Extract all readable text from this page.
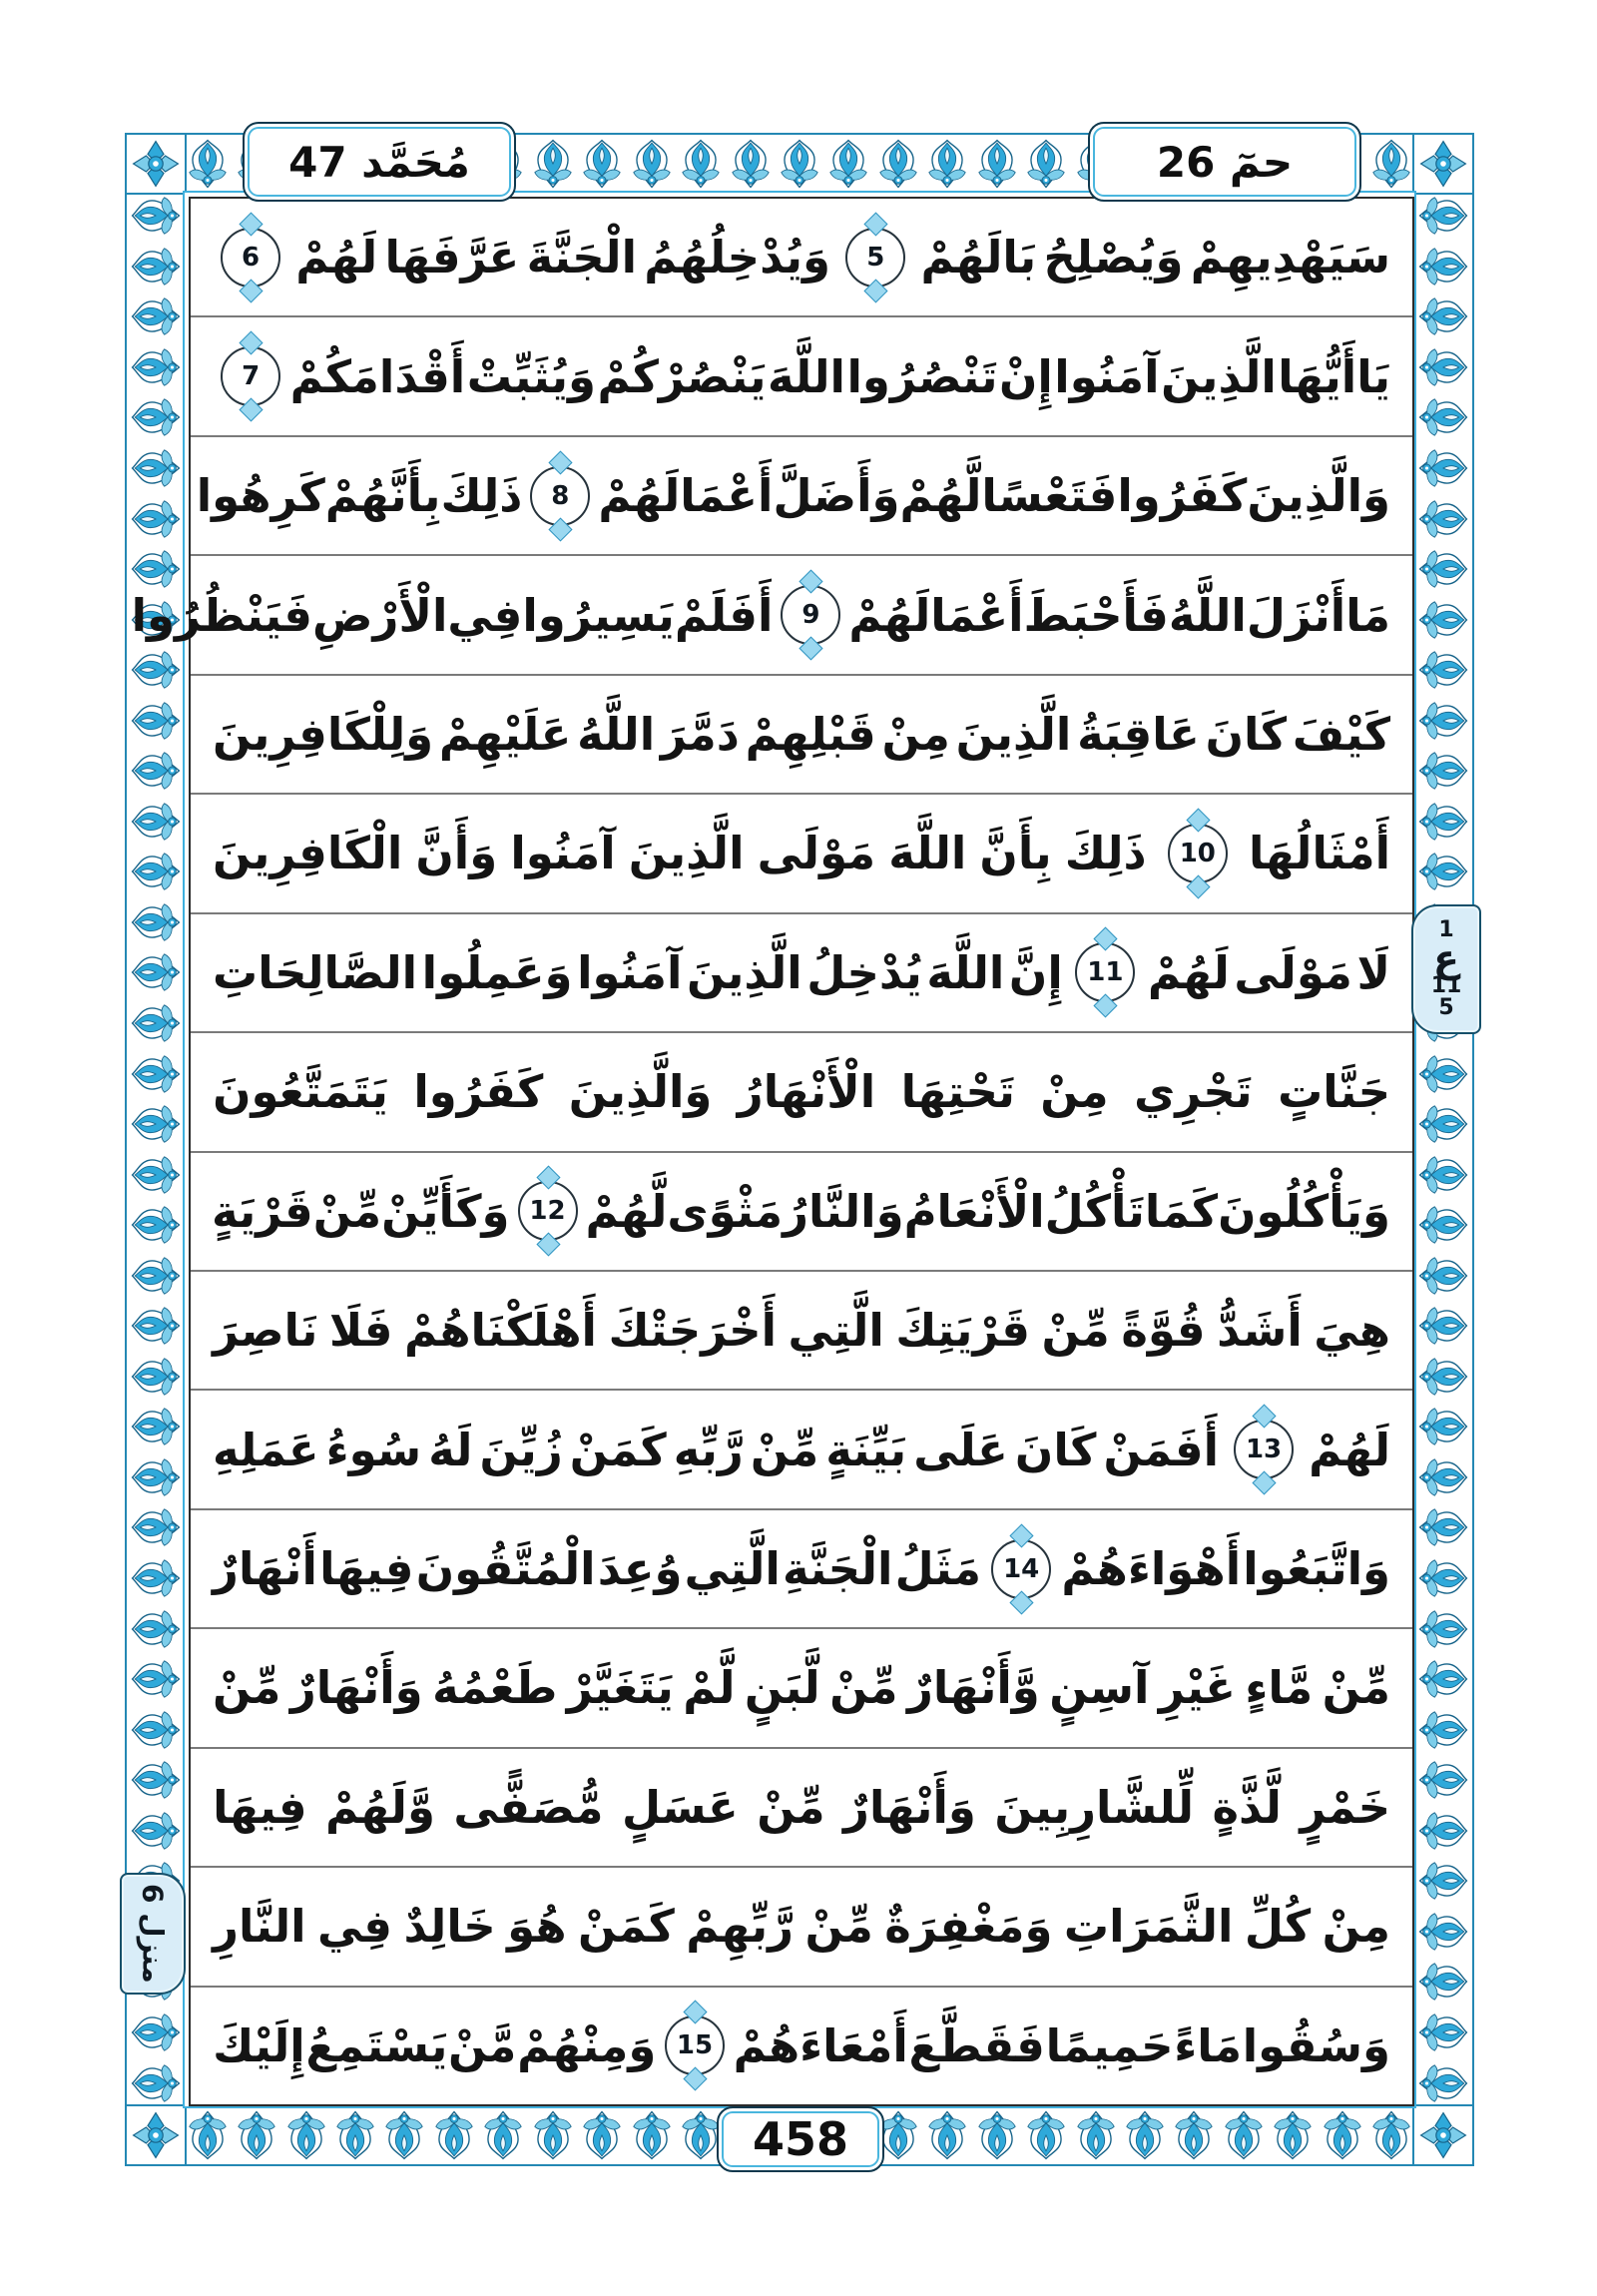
سَيَهْدِيهِمْ
وَيُصْلِحُ
بَالَهُمْ
5
وَيُدْخِلُهُمُ
الْجَنَّةَ
عَرَّفَهَا
لَهُمْ
6
يَاأَيُّهَا
الَّذِينَ
آمَنُوا
إِنْ
تَنْصُرُوا
اللَّهَ
يَنْصُرْكُمْ
وَيُثَبِّتْ
أَقْدَامَكُمْ
7
وَالَّذِينَ
كَفَرُوا
فَتَعْسًا
لَّهُمْ
وَأَضَلَّ
أَعْمَالَهُمْ
8
ذَلِكَ
بِأَنَّهُمْ
كَرِهُوا
مَا
أَنْزَلَ
اللَّهُ
فَأَحْبَطَ
أَعْمَالَهُمْ
9
أَفَلَمْ
يَسِيرُوا
فِي
الْأَرْضِ
فَيَنْظُرُوا
كَيْفَ
كَانَ
عَاقِبَةُ
الَّذِينَ
مِنْ
قَبْلِهِمْ
دَمَّرَ
اللَّهُ
عَلَيْهِمْ
وَلِلْكَافِرِينَ
أَمْثَالُهَا
10
ذَلِكَ
بِأَنَّ
اللَّهَ
مَوْلَى
الَّذِينَ
آمَنُوا
وَأَنَّ
الْكَافِرِينَ
لَا
مَوْلَى
لَهُمْ
11
إِنَّ
اللَّهَ
يُدْخِلُ
الَّذِينَ
آمَنُوا
وَعَمِلُوا
الصَّالِحَاتِ
جَنَّاتٍ
تَجْرِي
مِنْ
تَحْتِهَا
الْأَنْهَارُ
وَالَّذِينَ
كَفَرُوا
يَتَمَتَّعُونَ
وَيَأْكُلُونَ
كَمَا
تَأْكُلُ
الْأَنْعَامُ
وَالنَّارُ
مَثْوًى
لَّهُمْ
12
وَكَأَيِّنْ
مِّنْ
قَرْيَةٍ
هِيَ
أَشَدُّ
قُوَّةً
مِّنْ
قَرْيَتِكَ
الَّتِي
أَخْرَجَتْكَ
أَهْلَكْنَاهُمْ
فَلَا
نَاصِرَ
لَهُمْ
13
أَفَمَنْ
كَانَ
عَلَى
بَيِّنَةٍ
مِّنْ
رَّبِّهِ
كَمَنْ
زُيِّنَ
لَهُ
سُوءُ
عَمَلِهِ
وَاتَّبَعُوا
أَهْوَاءَهُمْ
14
مَثَلُ
الْجَنَّةِ
الَّتِي
وُعِدَ
الْمُتَّقُونَ
فِيهَا
أَنْهَارٌ
مِّنْ
مَّاءٍ
غَيْرِ
آسِنٍ
وَّأَنْهَارٌ
مِّنْ
لَّبَنٍ
لَّمْ
يَتَغَيَّرْ
طَعْمُهُ
وَأَنْهَارٌ
مِّنْ
خَمْرٍ
لَّذَّةٍ
لِّلشَّارِبِينَ
وَأَنْهَارٌ
مِّنْ
عَسَلٍ
مُّصَفًّى
وَّلَهُمْ
فِيهَا
مِنْ
كُلِّ
الثَّمَرَاتِ
وَمَغْفِرَةٌ
مِّنْ
رَّبِّهِمْ
كَمَنْ
هُوَ
خَالِدٌ
فِي
النَّارِ
وَسُقُوا
مَاءً
حَمِيمًا
فَقَطَّعَ
أَمْعَاءَهُمْ
15
وَمِنْهُمْ
مَّنْ
يَسْتَمِعُ
إِلَيْكَ
مُحَمَّد 47	حمٓ 26
1
ع
11
5
منزل 6
458
